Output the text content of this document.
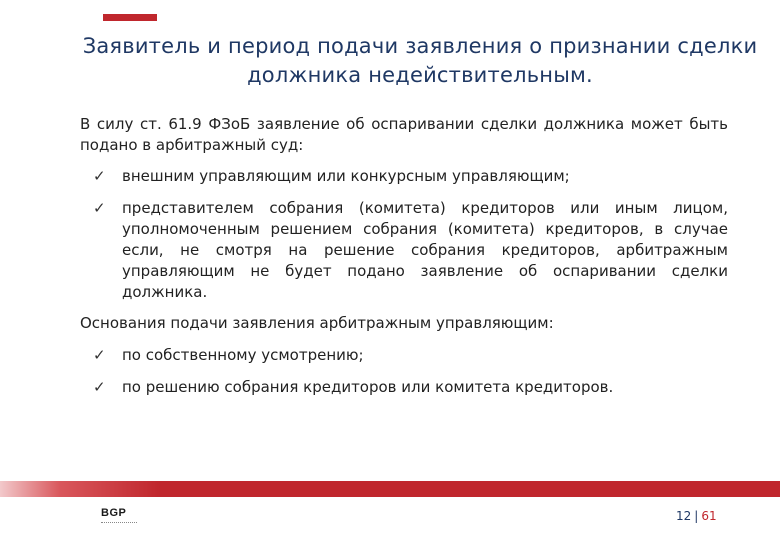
Заявитель и период подачи заявления о признании сделки должника недействительным.

В силу ст. 61.9 ФЗоБ заявление об оспаривании сделки должника может быть подано в арбитражный суд:

✓ внешним управляющим или конкурсным управляющим;
✓ представителем собрания (комитета) кредиторов или иным лицом, уполномоченным решением собрания (комитета) кредиторов, в случае если, не смотря на решение собрания кредиторов, арбитражным управляющим не будет подано заявление об оспаривании сделки должника.

Основания подачи заявления арбитражным управляющим:

✓ по собственному усмотрению;
✓ по решению собрания кредиторов или комитета кредиторов.
BGP	12 | 61
